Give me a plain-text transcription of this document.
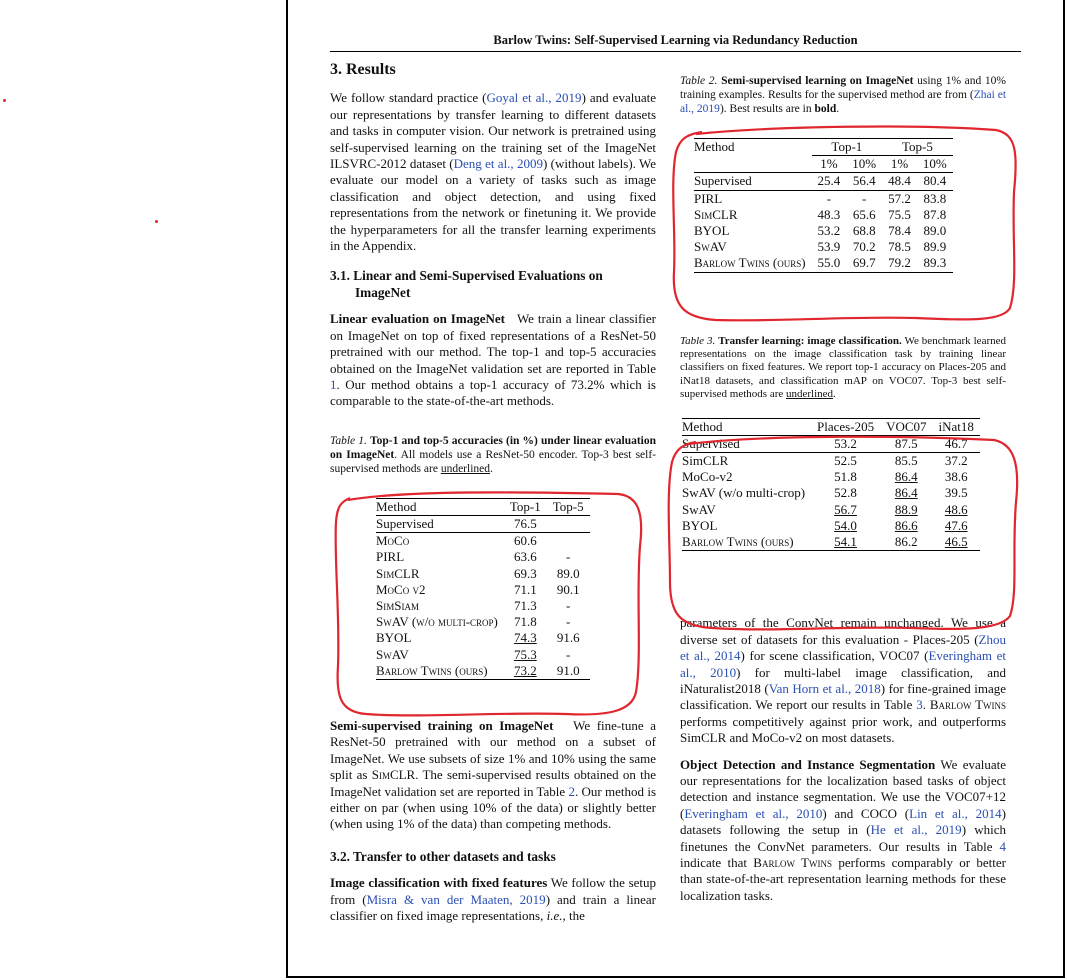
Barlow Twins: Self-Supervised Learning via Redundancy Reduction
3. Results

We follow standard practice (Goyal et al., 2019) and evaluate our representations by transfer learning to different datasets and tasks in computer vision. Our network is pretrained using self-supervised learning on the training set of the ImageNet ILSVRC-2012 dataset (Deng et al., 2009) (without labels). We evaluate our model on a variety of tasks such as image classification and object detection, and using fixed representations from the network or finetuning it. We provide the hyperparameters for all the transfer learning experiments in the Appendix.

3.1. Linear and Semi-Supervised Evaluations on ImageNet

Linear evaluation on ImageNet We train a linear classifier on ImageNet on top of fixed representations of a ResNet-50 pretrained with our method. The top-1 and top-5 accuracies obtained on the ImageNet validation set are reported in Table 1. Our method obtains a top-1 accuracy of 73.2% which is comparable to the state-of-the-art methods.

Table 1. Top-1 and top-5 accuracies (in %) under linear evaluation on ImageNet. All models use a ResNet-50 encoder. Top-3 best self-supervised methods are underlined.
Method	Top-1	Top-5
Supervised	76.5	
MoCo	60.6	
PIRL	63.6	-
SimCLR	69.3	89.0
MoCo v2	71.1	90.1
SimSiam	71.3	-
SwAV (w/o multi-crop)	71.8	-
BYOL	74.3	91.6
SwAV	75.3	-
Barlow Twins (ours)	73.2	91.0

Semi-supervised training on ImageNet We fine-tune a ResNet-50 pretrained with our method on a subset of ImageNet. We use subsets of size 1% and 10% using the same split as SimCLR. The semi-supervised results obtained on the ImageNet validation set are reported in Table 2. Our method is either on par (when using 10% of the data) or slightly better (when using 1% of the data) than competing methods.

3.2. Transfer to other datasets and tasks

Image classification with fixed features We follow the setup from (Misra & van der Maaten, 2019) and train a linear classifier on fixed image representations, i.e., the

Table 2. Semi-supervised learning on ImageNet using 1% and 10% training examples. Results for the supervised method are from (Zhai et al., 2019). Best results are in bold.
Method	Top-1		Top-5	
	1%	10%	1%	10%
Supervised	25.4	56.4	48.4	80.4
PIRL	-	-	57.2	83.8
SimCLR	48.3	65.6	75.5	87.8
BYOL	53.2	68.8	78.4	89.0
SwAV	53.9	70.2	78.5	89.9
Barlow Twins (ours)	55.0	69.7	79.2	89.3
Table 3. Transfer learning: image classification. We benchmark learned representations on the image classification task by training linear classifiers on fixed features. We report top-1 accuracy on Places-205 and iNat18 datasets, and classification mAP on VOC07. Top-3 best self-supervised methods are underlined.
Method	Places-205	VOC07	iNat18
Supervised	53.2	87.5	46.7
SimCLR	52.5	85.5	37.2
MoCo-v2	51.8	86.4	38.6
SwAV (w/o multi-crop)	52.8	86.4	39.5
SwAV	56.7	88.9	48.6
BYOL	54.0	86.6	47.6
Barlow Twins (ours)	54.1	86.2	46.5

parameters of the ConvNet remain unchanged. We use a diverse set of datasets for this evaluation - Places-205 (Zhou et al., 2014) for scene classification, VOC07 (Everingham et al., 2010) for multi-label image classification, and iNaturalist2018 (Van Horn et al., 2018) for fine-grained image classification. We report our results in Table 3. Barlow Twins performs competitively against prior work, and outperforms SimCLR and MoCo-v2 on most datasets.

Object Detection and Instance Segmentation We evaluate our representations for the localization based tasks of object detection and instance segmentation. We use the VOC07+12 (Everingham et al., 2010) and COCO (Lin et al., 2014) datasets following the setup in (He et al., 2019) which finetunes the ConvNet parameters. Our results in Table 4 indicate that Barlow Twins performs comparably or better than state-of-the-art representation learning methods for these localization tasks.
